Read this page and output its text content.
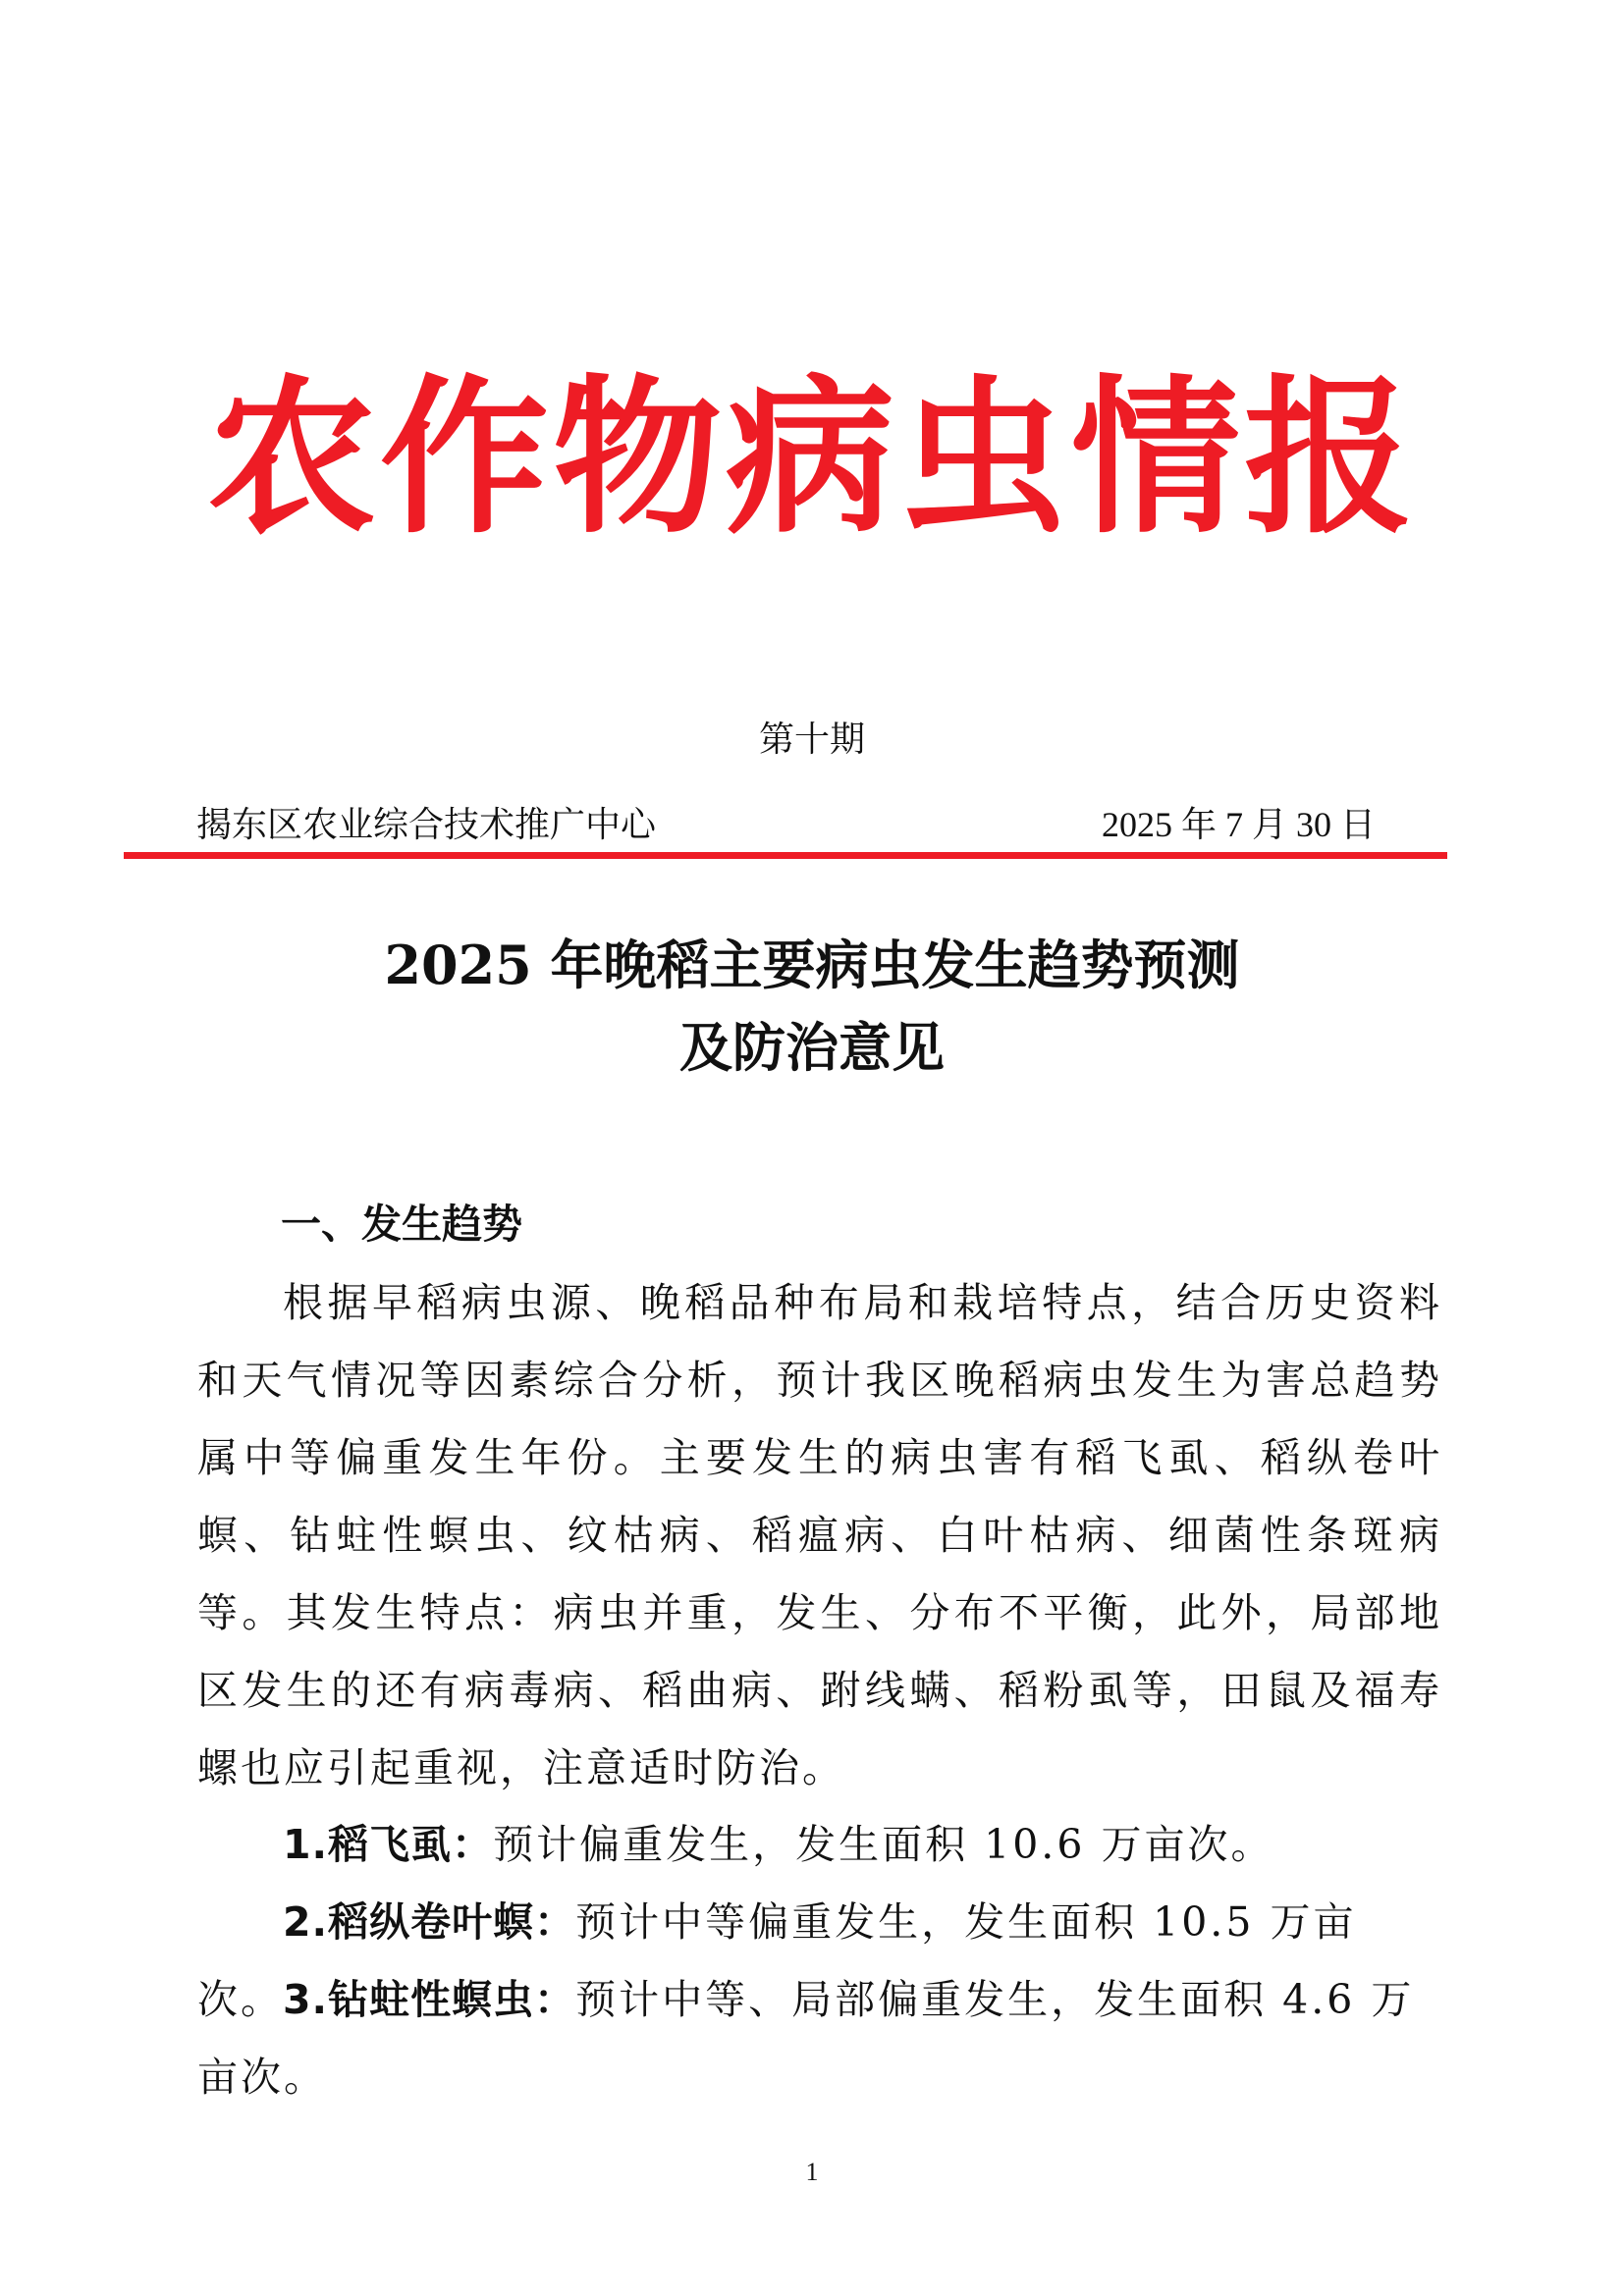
农作物病虫情报
第十期
揭东区农业综合技术推广中心	2025 年 7 月 30 日
2025 年晚稻主要病虫发生趋势预测
及防治意见
一、发生趋势

根据早稻病虫源、晚稻品种布局和栽培特点，结合历史资料和天气情况等因素综合分析，预计我区晚稻病虫发生为害总趋势属中等偏重发生年份。主要发生的病虫害有稻飞虱、稻纵卷叶螟、钻蛀性螟虫、纹枯病、稻瘟病、白叶枯病、细菌性条斑病等。其发生特点：病虫并重，发生、分布不平衡，此外，局部地区发生的还有病毒病、稻曲病、跗线螨、稻粉虱等，田鼠及福寿螺也应引起重视，注意适时防治。

1.稻飞虱：预计偏重发生，发生面积 10.6 万亩次。

2.稻纵卷叶螟：预计中等偏重发生，发生面积 10.5 万亩次。 3.钻蛀性螟虫：预计中等、局部偏重发生，发生面积 4.6 万亩次。

1
